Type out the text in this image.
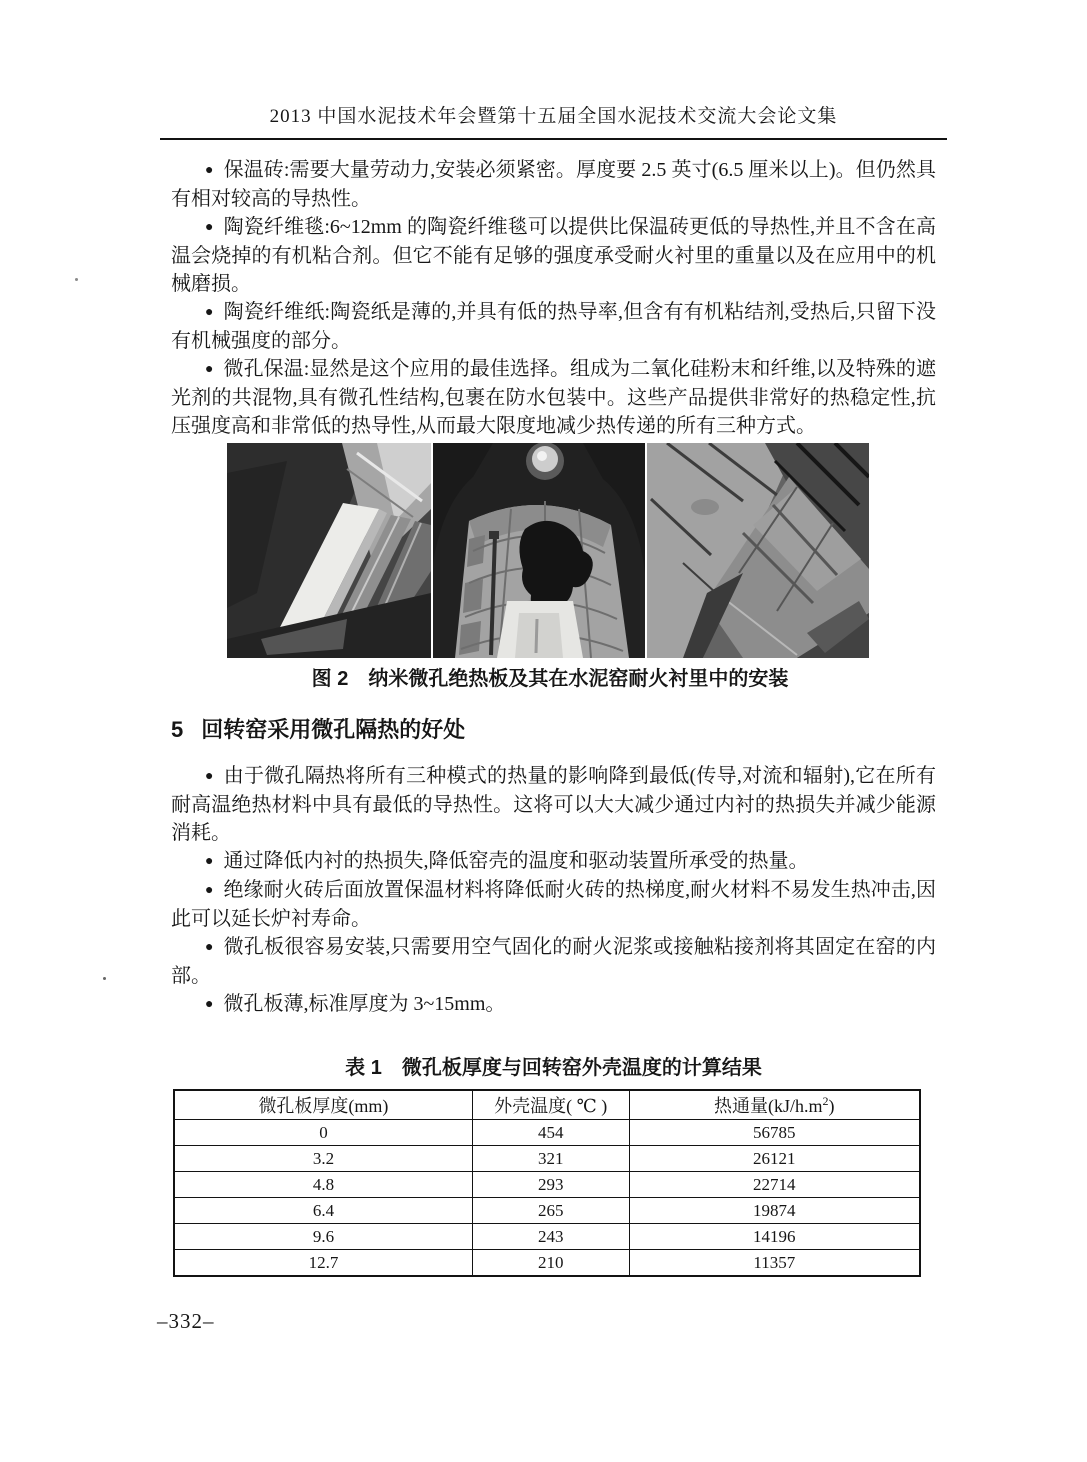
2013 中国水泥技术年会暨第十五届全国水泥技术交流大会论文集

● 保温砖:需要大量劳动力,安装必须紧密。厚度要 2.5 英寸(6.5 厘米以上)。但仍然具有相对较高的导热性。

● 陶瓷纤维毯:6~12mm 的陶瓷纤维毯可以提供比保温砖更低的导热性,并且不含在高温会烧掉的有机粘合剂。但它不能有足够的强度承受耐火衬里的重量以及在应用中的机械磨损。

● 陶瓷纤维纸:陶瓷纸是薄的,并具有低的热导率,但含有有机粘结剂,受热后,只留下没有机械强度的部分。

● 微孔保温:显然是这个应用的最佳选择。组成为二氧化硅粉末和纤维,以及特殊的遮光剂的共混物,具有微孔性结构,包裹在防水包装中。这些产品提供非常好的热稳定性,抗压强度高和非常低的热导性,从而最大限度地减少热传递的所有三种方式。

图 2　纳米微孔绝热板及其在水泥窑耐火衬里中的安装
5 回转窑采用微孔隔热的好处

● 由于微孔隔热将所有三种模式的热量的影响降到最低(传导,对流和辐射),它在所有耐高温绝热材料中具有最低的导热性。这将可以大大减少通过内衬的热损失并减少能源消耗。

● 通过降低内衬的热损失,降低窑壳的温度和驱动装置所承受的热量。

● 绝缘耐火砖后面放置保温材料将降低耐火砖的热梯度,耐火材料不易发生热冲击,因此可以延长炉衬寿命。

● 微孔板很容易安装,只需要用空气固化的耐火泥浆或接触粘接剂将其固定在窑的内部。

● 微孔板薄,标准厚度为 3~15mm。

表 1　微孔板厚度与回转窑外壳温度的计算结果
微孔板厚度(mm)	外壳温度( ℃ )	热通量$(kJ/h.m^2)$
0	454	56785
3.2	321	26121
4.8	293	22714
6.4	265	19874
9.6	243	14196
12.7	210	11357
–332–
